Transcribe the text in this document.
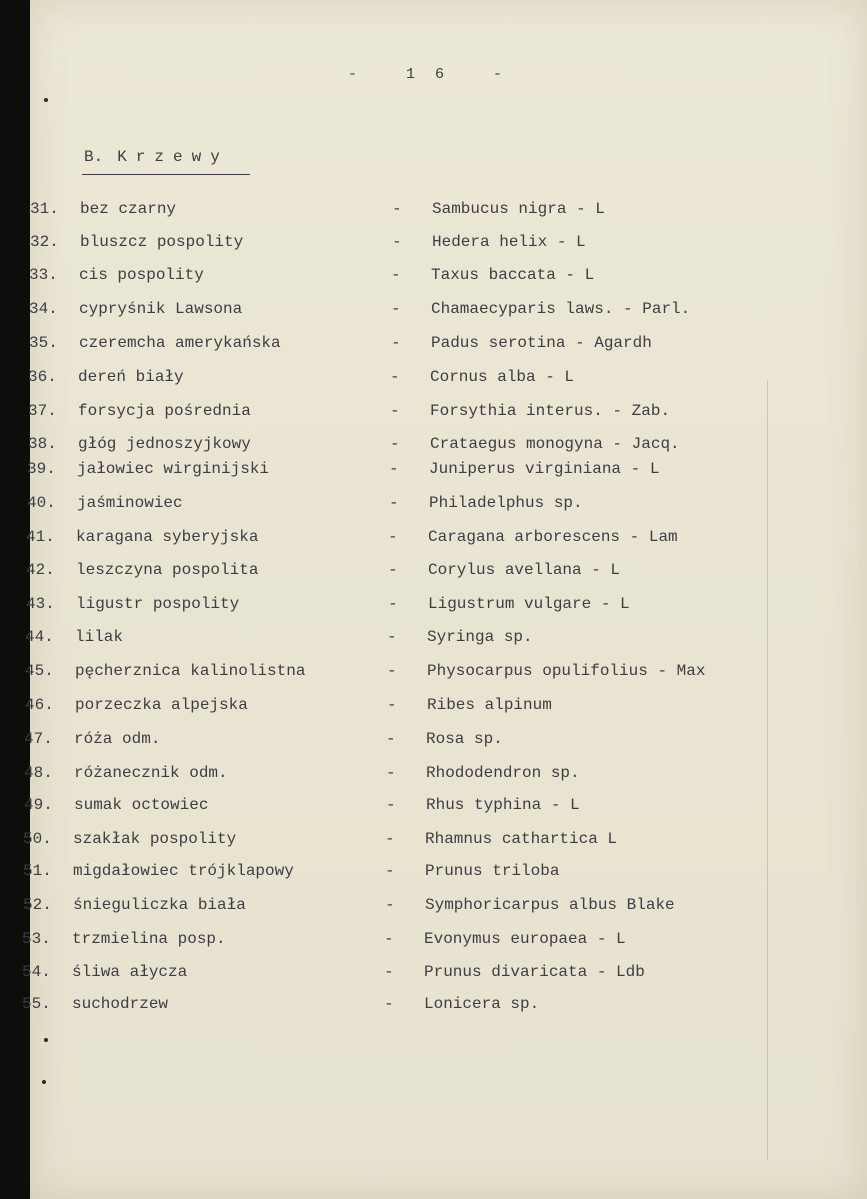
- 16 -
B. Krzewy
31.	bez czarny	- Sambucus nigra - L
32.	bluszcz pospolity	- Hedera helix - L
33.	cis pospolity	- Taxus baccata - L
34.	cypryśnik Lawsona	- Chamaecyparis laws. - Parl.
35.	czeremcha amerykańska	- Padus serotina - Agardh
36.	dereń biały	- Cornus alba - L
37.	forsycja pośrednia	- Forsythia interus. - Zab.
38.	głóg jednoszyjkowy	- Crataegus monogyna - Jacq.
39.	jałowiec wirginijski	- Juniperus virginiana - L
40.	jaśminowiec	- Philadelphus sp.
41.	karagana syberyjska	- Caragana arborescens - Lam
42.	leszczyna pospolita	- Corylus avellana - L
43.	ligustr pospolity	- Ligustrum vulgare - L
44.	lilak	- Syringa sp.
45.	pęcherznica kalinolistna	- Physocarpus opulifolius - Max
46.	porzeczka alpejska	- Ribes alpinum
47.	róża odm.	- Rosa sp.
48.	różanecznik odm.	- Rhododendron sp.
49.	sumak octowiec	- Rhus typhina - L
50.	szakłak pospolity	- Rhamnus cathartica L
51.	migdałowiec trójklapowy	- Prunus triloba
52.	śnieguliczka biała	- Symphoricarpus albus Blake
53.	trzmielina posp.	- Evonymus europaea - L
54.	śliwa ałycza	- Prunus divaricata - Ldb
55.	suchodrzew	- Lonicera sp.
